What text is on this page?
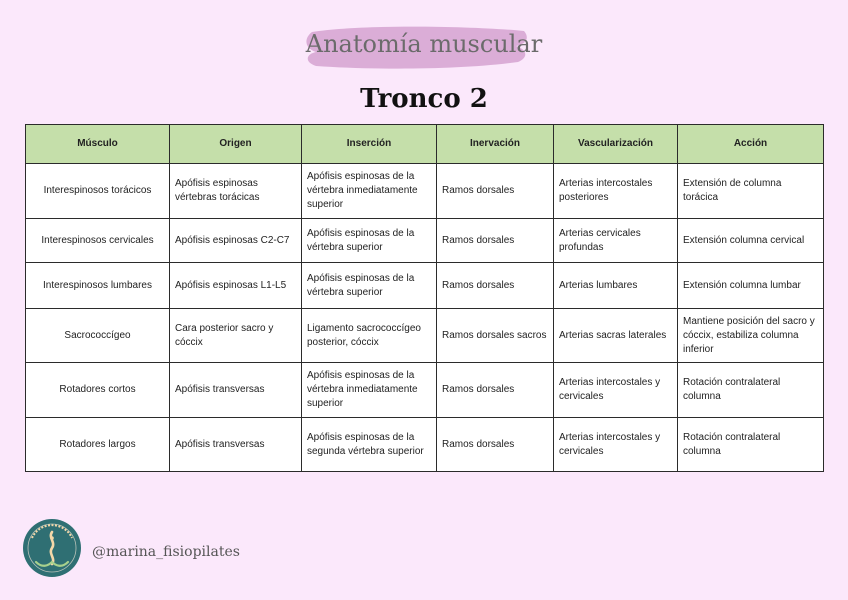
Anatomía muscular
Tronco 2
Músculo	Origen	Inserción	Inervación	Vascularización	Acción
Interespinosos torácicos	Apófisis espinosas vértebras torácicas	Apófisis espinosas de la vértebra inmediatamente superior	Ramos dorsales	Arterias intercostales posteriores	Extensión de columna torácica
Interespinosos cervicales	Apófisis espinosas C2-C7	Apófisis espinosas de la vértebra superior	Ramos dorsales	Arterias cervicales profundas	Extensión columna cervical
Interespinosos lumbares	Apófisis espinosas L1-L5	Apófisis espinosas de la vértebra superior	Ramos dorsales	Arterias lumbares	Extensión columna lumbar
Sacrococcígeo	Cara posterior sacro y cóccix	Ligamento sacrococcígeo posterior, cóccix	Ramos dorsales sacros	Arterias sacras laterales	Mantiene posición del sacro y cóccix, estabiliza columna inferior
Rotadores cortos	Apófisis transversas	Apófisis espinosas de la vértebra inmediatamente superior	Ramos dorsales	Arterias intercostales y cervicales	Rotación contralateral columna
Rotadores largos	Apófisis transversas	Apófisis espinosas de la segunda vértebra superior	Ramos dorsales	Arterias intercostales y cervicales	Rotación contralateral columna
@marina_fisiopilates
